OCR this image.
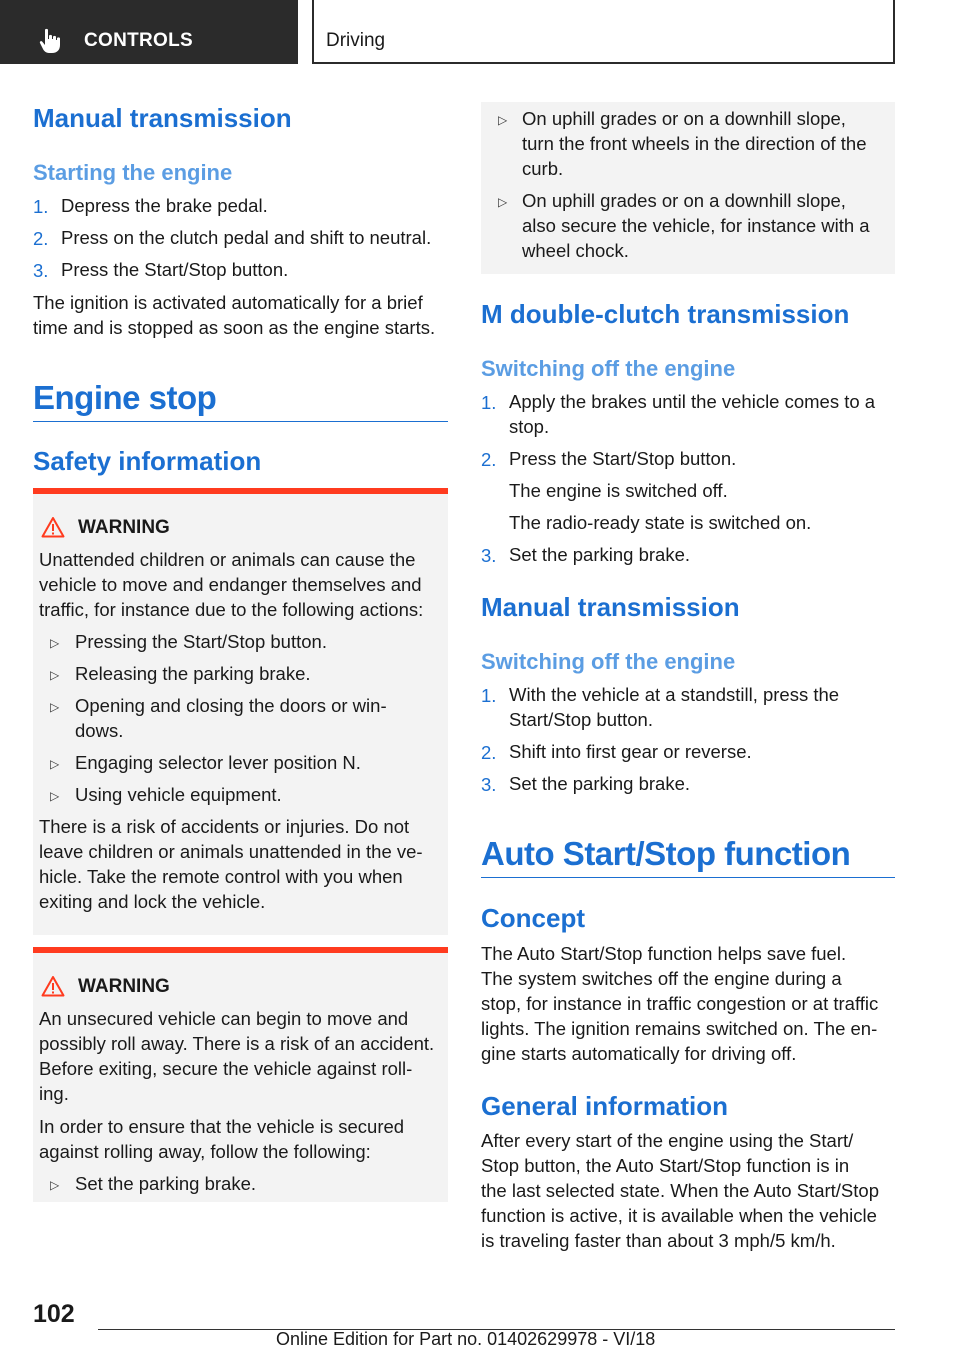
CONTROLS	Driving
Manual transmission
Starting the engine
1. Depress the brake pedal.
2. Press on the clutch pedal and shift to neutral.
3. Press the Start/Stop button.
The ignition is activated automatically for a brief
time and is stopped as soon as the engine starts.
Engine stop
Safety information
WARNING
Unattended children or animals can cause the
vehicle to move and endanger themselves and
traffic, for instance due to the following actions:
▷ Pressing the Start/Stop button.
▷ Releasing the parking brake.
▷ Opening and closing the doors or win-
dows.
▷ Engaging selector lever position N.
▷ Using vehicle equipment.
There is a risk of accidents or injuries. Do not
leave children or animals unattended in the ve-
hicle. Take the remote control with you when
exiting and lock the vehicle.
WARNING
An unsecured vehicle can begin to move and
possibly roll away. There is a risk of an accident.
Before exiting, secure the vehicle against roll-
ing.
In order to ensure that the vehicle is secured
against rolling away, follow the following:
▷ Set the parking brake.
▷ On uphill grades or on a downhill slope,
turn the front wheels in the direction of the
curb.
▷ On uphill grades or on a downhill slope,
also secure the vehicle, for instance with a
wheel chock.
M double-clutch transmission
Switching off the engine
1. Apply the brakes until the vehicle comes to a
stop.
2. Press the Start/Stop button.
The engine is switched off.
The radio-ready state is switched on.
3. Set the parking brake.
Manual transmission
Switching off the engine
1. With the vehicle at a standstill, press the
Start/Stop button.
2. Shift into first gear or reverse.
3. Set the parking brake.
Auto Start/Stop function
Concept
The Auto Start/Stop function helps save fuel.
The system switches off the engine during a
stop, for instance in traffic congestion or at traffic
lights. The ignition remains switched on. The en-
gine starts automatically for driving off.
General information
After every start of the engine using the Start/
Stop button, the Auto Start/Stop function is in
the last selected state. When the Auto Start/Stop
function is active, it is available when the vehicle
is traveling faster than about 3 mph/5 km/h.
102
Online Edition for Part no. 01402629978 - VI/18
